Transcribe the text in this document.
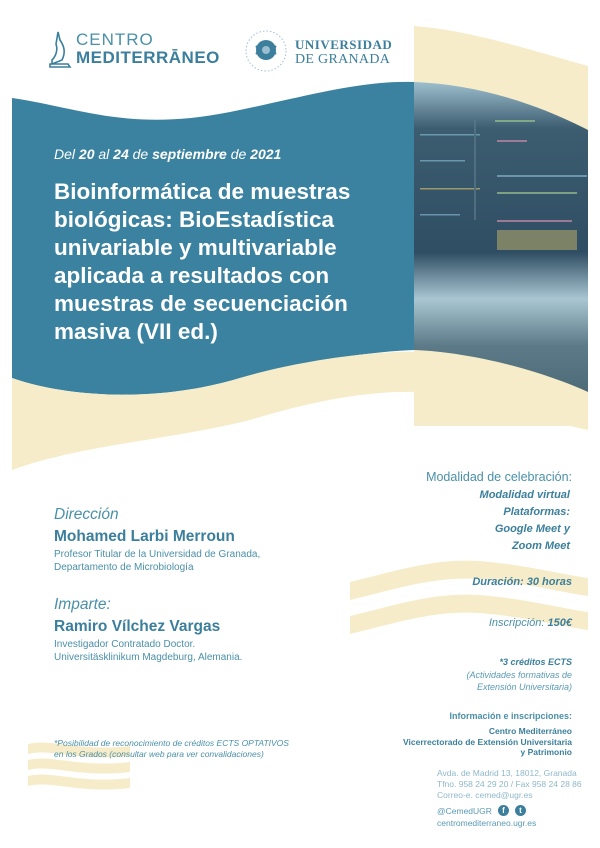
CENTRO
MEDITERRĀNEO
UNIVERSIDAD
DE GRANADA
Del 20 al 24 de septiembre de 2021
Bioinformática de muestras biológicas: BioEstadística univariable y multivariable aplicada a resultados con muestras de secuenciación masiva (VII ed.)
Modalidad de celebración:
Modalidad virtual
Plataformas:
Google Meet y
Zoom Meet
Duración: 30 horas
Inscripción: 150€
*3 créditos ECTS
(Actividades formativas de
Extensión Universitaria)
Dirección
Mohamed Larbi Merroun
Profesor Titular de la Universidad de Granada,
Departamento de Microbiología
Imparte:
Ramiro Vílchez Vargas
Investigador Contratado Doctor.
Universitäsklinikum Magdeburg, Alemania.
*Posibilidad de reconocimiento de créditos ECTS OPTATIVOS
en los Grados (consultar web para ver convalidaciones)
Información e inscripciones:
Centro Mediterráneo
Vicerrectorado de Extensión Universitaria
y Patrimonio
Avda. de Madrid 13, 18012, Granada
Tfno. 958 24 29 20 / Fax 958 24 28 86
Correo-e. cemed@ugr.es
@CemedUGR	f	t
centromediterraneo.ugr.es
